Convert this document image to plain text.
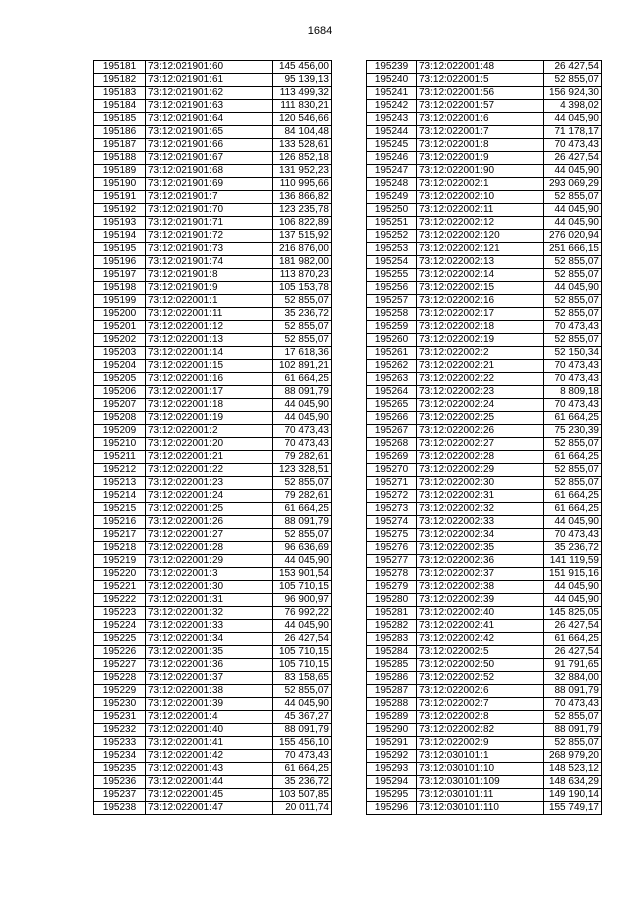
1684
195181	73:12:021901:60	145 456,00
195182	73:12:021901:61	95 139,13
195183	73:12:021901:62	113 499,32
195184	73:12:021901:63	111 830,21
195185	73:12:021901:64	120 546,66
195186	73:12:021901:65	84 104,48
195187	73:12:021901:66	133 528,61
195188	73:12:021901:67	126 852,18
195189	73:12:021901:68	131 952,23
195190	73:12:021901:69	110 995,66
195191	73:12:021901:7	136 866,82
195192	73:12:021901:70	123 235,78
195193	73:12:021901:71	106 822,89
195194	73:12:021901:72	137 515,92
195195	73:12:021901:73	216 876,00
195196	73:12:021901:74	181 982,00
195197	73:12:021901:8	113 870,23
195198	73:12:021901:9	105 153,78
195199	73:12:022001:1	52 855,07
195200	73:12:022001:11	35 236,72
195201	73:12:022001:12	52 855,07
195202	73:12:022001:13	52 855,07
195203	73:12:022001:14	17 618,36
195204	73:12:022001:15	102 891,21
195205	73:12:022001:16	61 664,25
195206	73:12:022001:17	88 091,79
195207	73:12:022001:18	44 045,90
195208	73:12:022001:19	44 045,90
195209	73:12:022001:2	70 473,43
195210	73:12:022001:20	70 473,43
195211	73:12:022001:21	79 282,61
195212	73:12:022001:22	123 328,51
195213	73:12:022001:23	52 855,07
195214	73:12:022001:24	79 282,61
195215	73:12:022001:25	61 664,25
195216	73:12:022001:26	88 091,79
195217	73:12:022001:27	52 855,07
195218	73:12:022001:28	96 636,69
195219	73:12:022001:29	44 045,90
195220	73:12:022001:3	153 901,54
195221	73:12:022001:30	105 710,15
195222	73:12:022001:31	96 900,97
195223	73:12:022001:32	76 992,22
195224	73:12:022001:33	44 045,90
195225	73:12:022001:34	26 427,54
195226	73:12:022001:35	105 710,15
195227	73:12:022001:36	105 710,15
195228	73:12:022001:37	83 158,65
195229	73:12:022001:38	52 855,07
195230	73:12:022001:39	44 045,90
195231	73:12:022001:4	45 367,27
195232	73:12:022001:40	88 091,79
195233	73:12:022001:41	155 456,10
195234	73:12:022001:42	70 473,43
195235	73:12:022001:43	61 664,25
195236	73:12:022001:44	35 236,72
195237	73:12:022001:45	103 507,85
195238	73:12:022001:47	20 011,74
195239	73:12:022001:48	26 427,54
195240	73:12:022001:5	52 855,07
195241	73:12:022001:56	156 924,30
195242	73:12:022001:57	4 398,02
195243	73:12:022001:6	44 045,90
195244	73:12:022001:7	71 178,17
195245	73:12:022001:8	70 473,43
195246	73:12:022001:9	26 427,54
195247	73:12:022001:90	44 045,90
195248	73:12:022002:1	293 069,29
195249	73:12:022002:10	52 855,07
195250	73:12:022002:11	44 045,90
195251	73:12:022002:12	44 045,90
195252	73:12:022002:120	276 020,94
195253	73:12:022002:121	251 666,15
195254	73:12:022002:13	52 855,07
195255	73:12:022002:14	52 855,07
195256	73:12:022002:15	44 045,90
195257	73:12:022002:16	52 855,07
195258	73:12:022002:17	52 855,07
195259	73:12:022002:18	70 473,43
195260	73:12:022002:19	52 855,07
195261	73:12:022002:2	52 150,34
195262	73:12:022002:21	70 473,43
195263	73:12:022002:22	70 473,43
195264	73:12:022002:23	8 809,18
195265	73:12:022002:24	70 473,43
195266	73:12:022002:25	61 664,25
195267	73:12:022002:26	75 230,39
195268	73:12:022002:27	52 855,07
195269	73:12:022002:28	61 664,25
195270	73:12:022002:29	52 855,07
195271	73:12:022002:30	52 855,07
195272	73:12:022002:31	61 664,25
195273	73:12:022002:32	61 664,25
195274	73:12:022002:33	44 045,90
195275	73:12:022002:34	70 473,43
195276	73:12:022002:35	35 236,72
195277	73:12:022002:36	141 119,59
195278	73:12:022002:37	151 915,16
195279	73:12:022002:38	44 045,90
195280	73:12:022002:39	44 045,90
195281	73:12:022002:40	145 825,05
195282	73:12:022002:41	26 427,54
195283	73:12:022002:42	61 664,25
195284	73:12:022002:5	26 427,54
195285	73:12:022002:50	91 791,65
195286	73:12:022002:52	32 884,00
195287	73:12:022002:6	88 091,79
195288	73:12:022002:7	70 473,43
195289	73:12:022002:8	52 855,07
195290	73:12:022002:82	88 091,79
195291	73:12:022002:9	52 855,07
195292	73:12:030101:1	268 979,20
195293	73:12:030101:10	148 523,12
195294	73:12:030101:109	148 634,29
195295	73:12:030101:11	149 190,14
195296	73:12:030101:110	155 749,17
